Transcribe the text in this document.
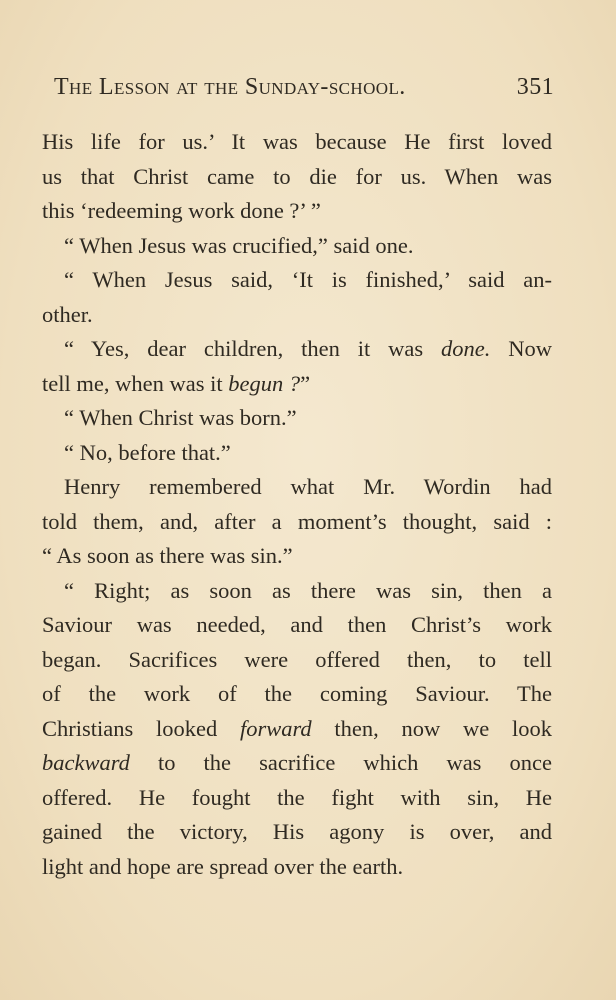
The Lesson at the Sunday-school.	351
His life for us.’ It was because He first loved
us that Christ came to die for us. When was
this ‘redeeming work done ?’ ”
“ When Jesus was crucified,” said one.
“ When Jesus said, ‘It is finished,’ said an-
other.
“ Yes, dear children, then it was done. Now
tell me, when was it begun ?”
“ When Christ was born.”
“ No, before that.”
Henry remembered what Mr. Wordin had
told them, and, after a moment’s thought, said :
“ As soon as there was sin.”
“ Right; as soon as there was sin, then a
Saviour was needed, and then Christ’s work
began. Sacrifices were offered then, to tell
of the work of the coming Saviour. The
Christians looked forward then, now we look
backward to the sacrifice which was once
offered. He fought the fight with sin, He
gained the victory, His agony is over, and
light and hope are spread over the earth.
